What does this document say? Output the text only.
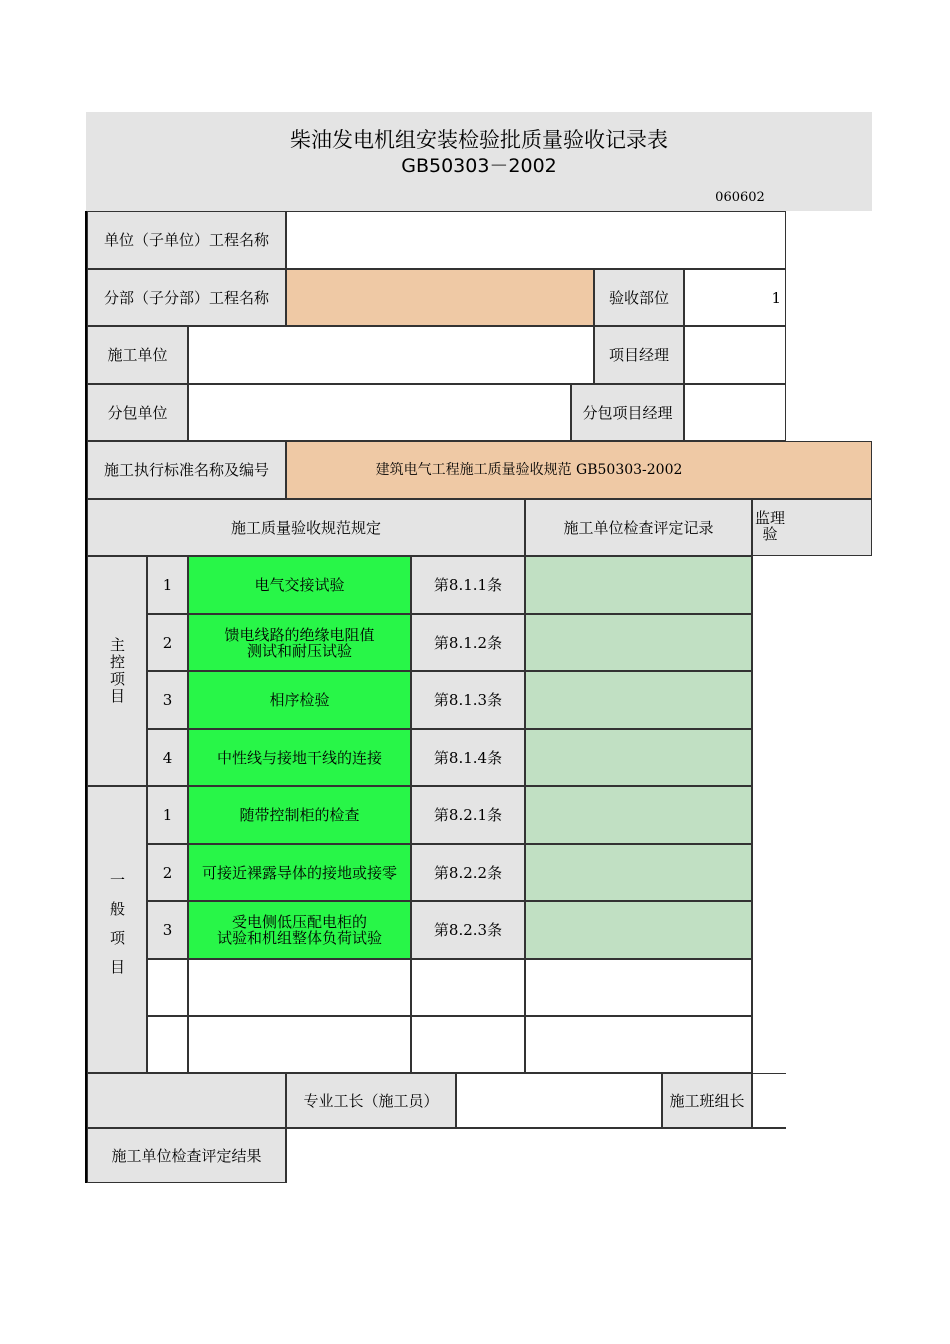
柴油发电机组安装检验批质量验收记录表
GB50303－2002
060602
单位（子单位）工程名称
分部（子分部）工程名称	验收部位	1
施工单位	项目经理
分包单位	分包项目经理
施工执行标准名称及编号	建筑电气工程施工质量验收规范 GB50303-2002
施工质量验收规范规定	施工单位检查评定记录
监理
验
主控项目
1	电气交接试验	第8.1.1条
2	馈电线路的绝缘电阻值
测试和耐压试验	第8.1.2条
3	相序检验	第8.1.3条
4	中性线与接地干线的连接	第8.1.4条
一般项目
1	随带控制柜的检查	第8.2.1条
2	可接近裸露导体的接地或接零	第8.2.2条
3	受电侧低压配电柜的
试验和机组整体负荷试验	第8.2.3条
专业工长（施工员）	施工班组长
施工单位检查评定结果
